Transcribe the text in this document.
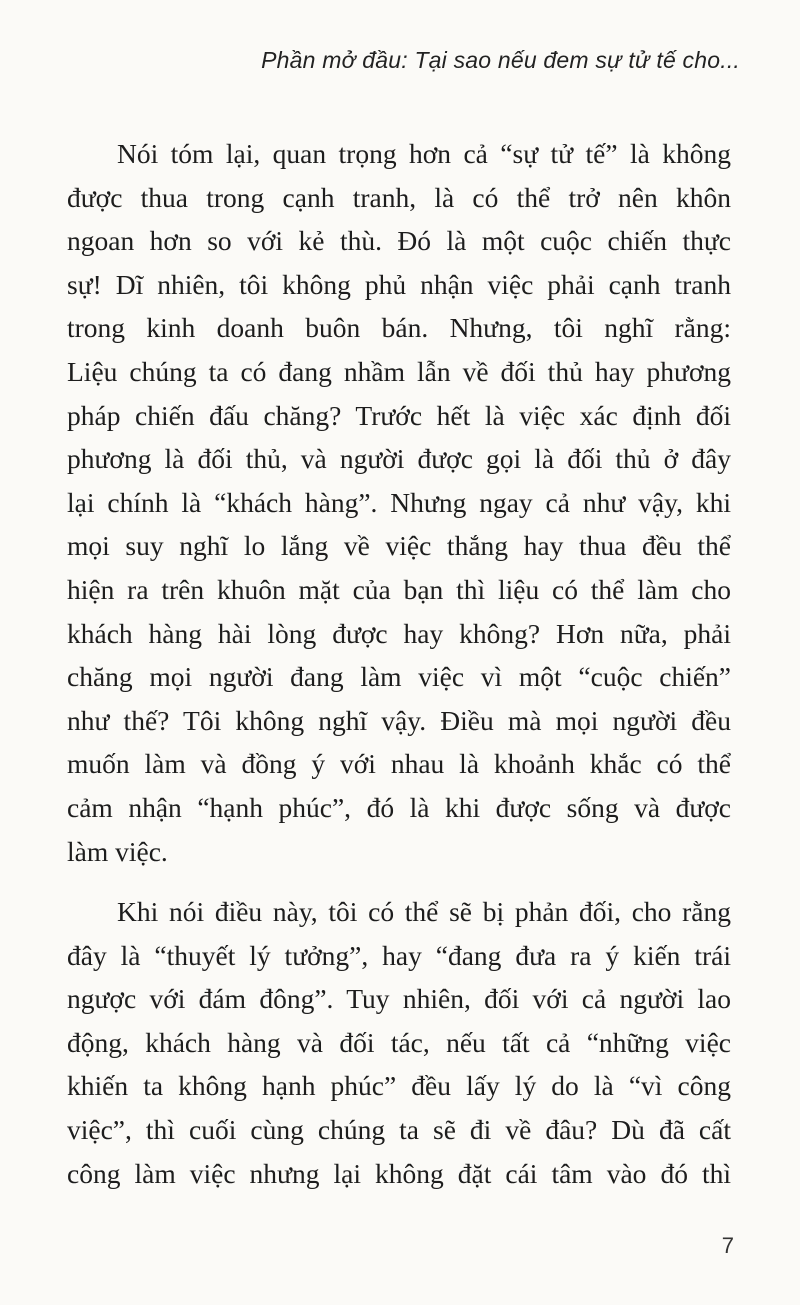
Phần mở đầu: Tại sao nếu đem sự tử tế cho...

Nói tóm lại, quan trọng hơn cả “sự tử tế” là không
được thua trong cạnh tranh, là có thể trở nên khôn
ngoan hơn so với kẻ thù. Đó là một cuộc chiến thực
sự! Dĩ nhiên, tôi không phủ nhận việc phải cạnh tranh
trong kinh doanh buôn bán. Nhưng, tôi nghĩ rằng:
Liệu chúng ta có đang nhầm lẫn về đối thủ hay phương
pháp chiến đấu chăng? Trước hết là việc xác định đối
phương là đối thủ, và người được gọi là đối thủ ở đây
lại chính là “khách hàng”. Nhưng ngay cả như vậy, khi
mọi suy nghĩ lo lắng về việc thắng hay thua đều thể
hiện ra trên khuôn mặt của bạn thì liệu có thể làm cho
khách hàng hài lòng được hay không? Hơn nữa, phải
chăng mọi người đang làm việc vì một “cuộc chiến”
như thế? Tôi không nghĩ vậy. Điều mà mọi người đều
muốn làm và đồng ý với nhau là khoảnh khắc có thể
cảm nhận “hạnh phúc”, đó là khi được sống và được
làm việc.

Khi nói điều này, tôi có thể sẽ bị phản đối, cho rằng
đây là “thuyết lý tưởng”, hay “đang đưa ra ý kiến trái
ngược với đám đông”. Tuy nhiên, đối với cả người lao
động, khách hàng và đối tác, nếu tất cả “những việc
khiến ta không hạnh phúc” đều lấy lý do là “vì công
việc”, thì cuối cùng chúng ta sẽ đi về đâu? Dù đã cất
công làm việc nhưng lại không đặt cái tâm vào đó thì

7
